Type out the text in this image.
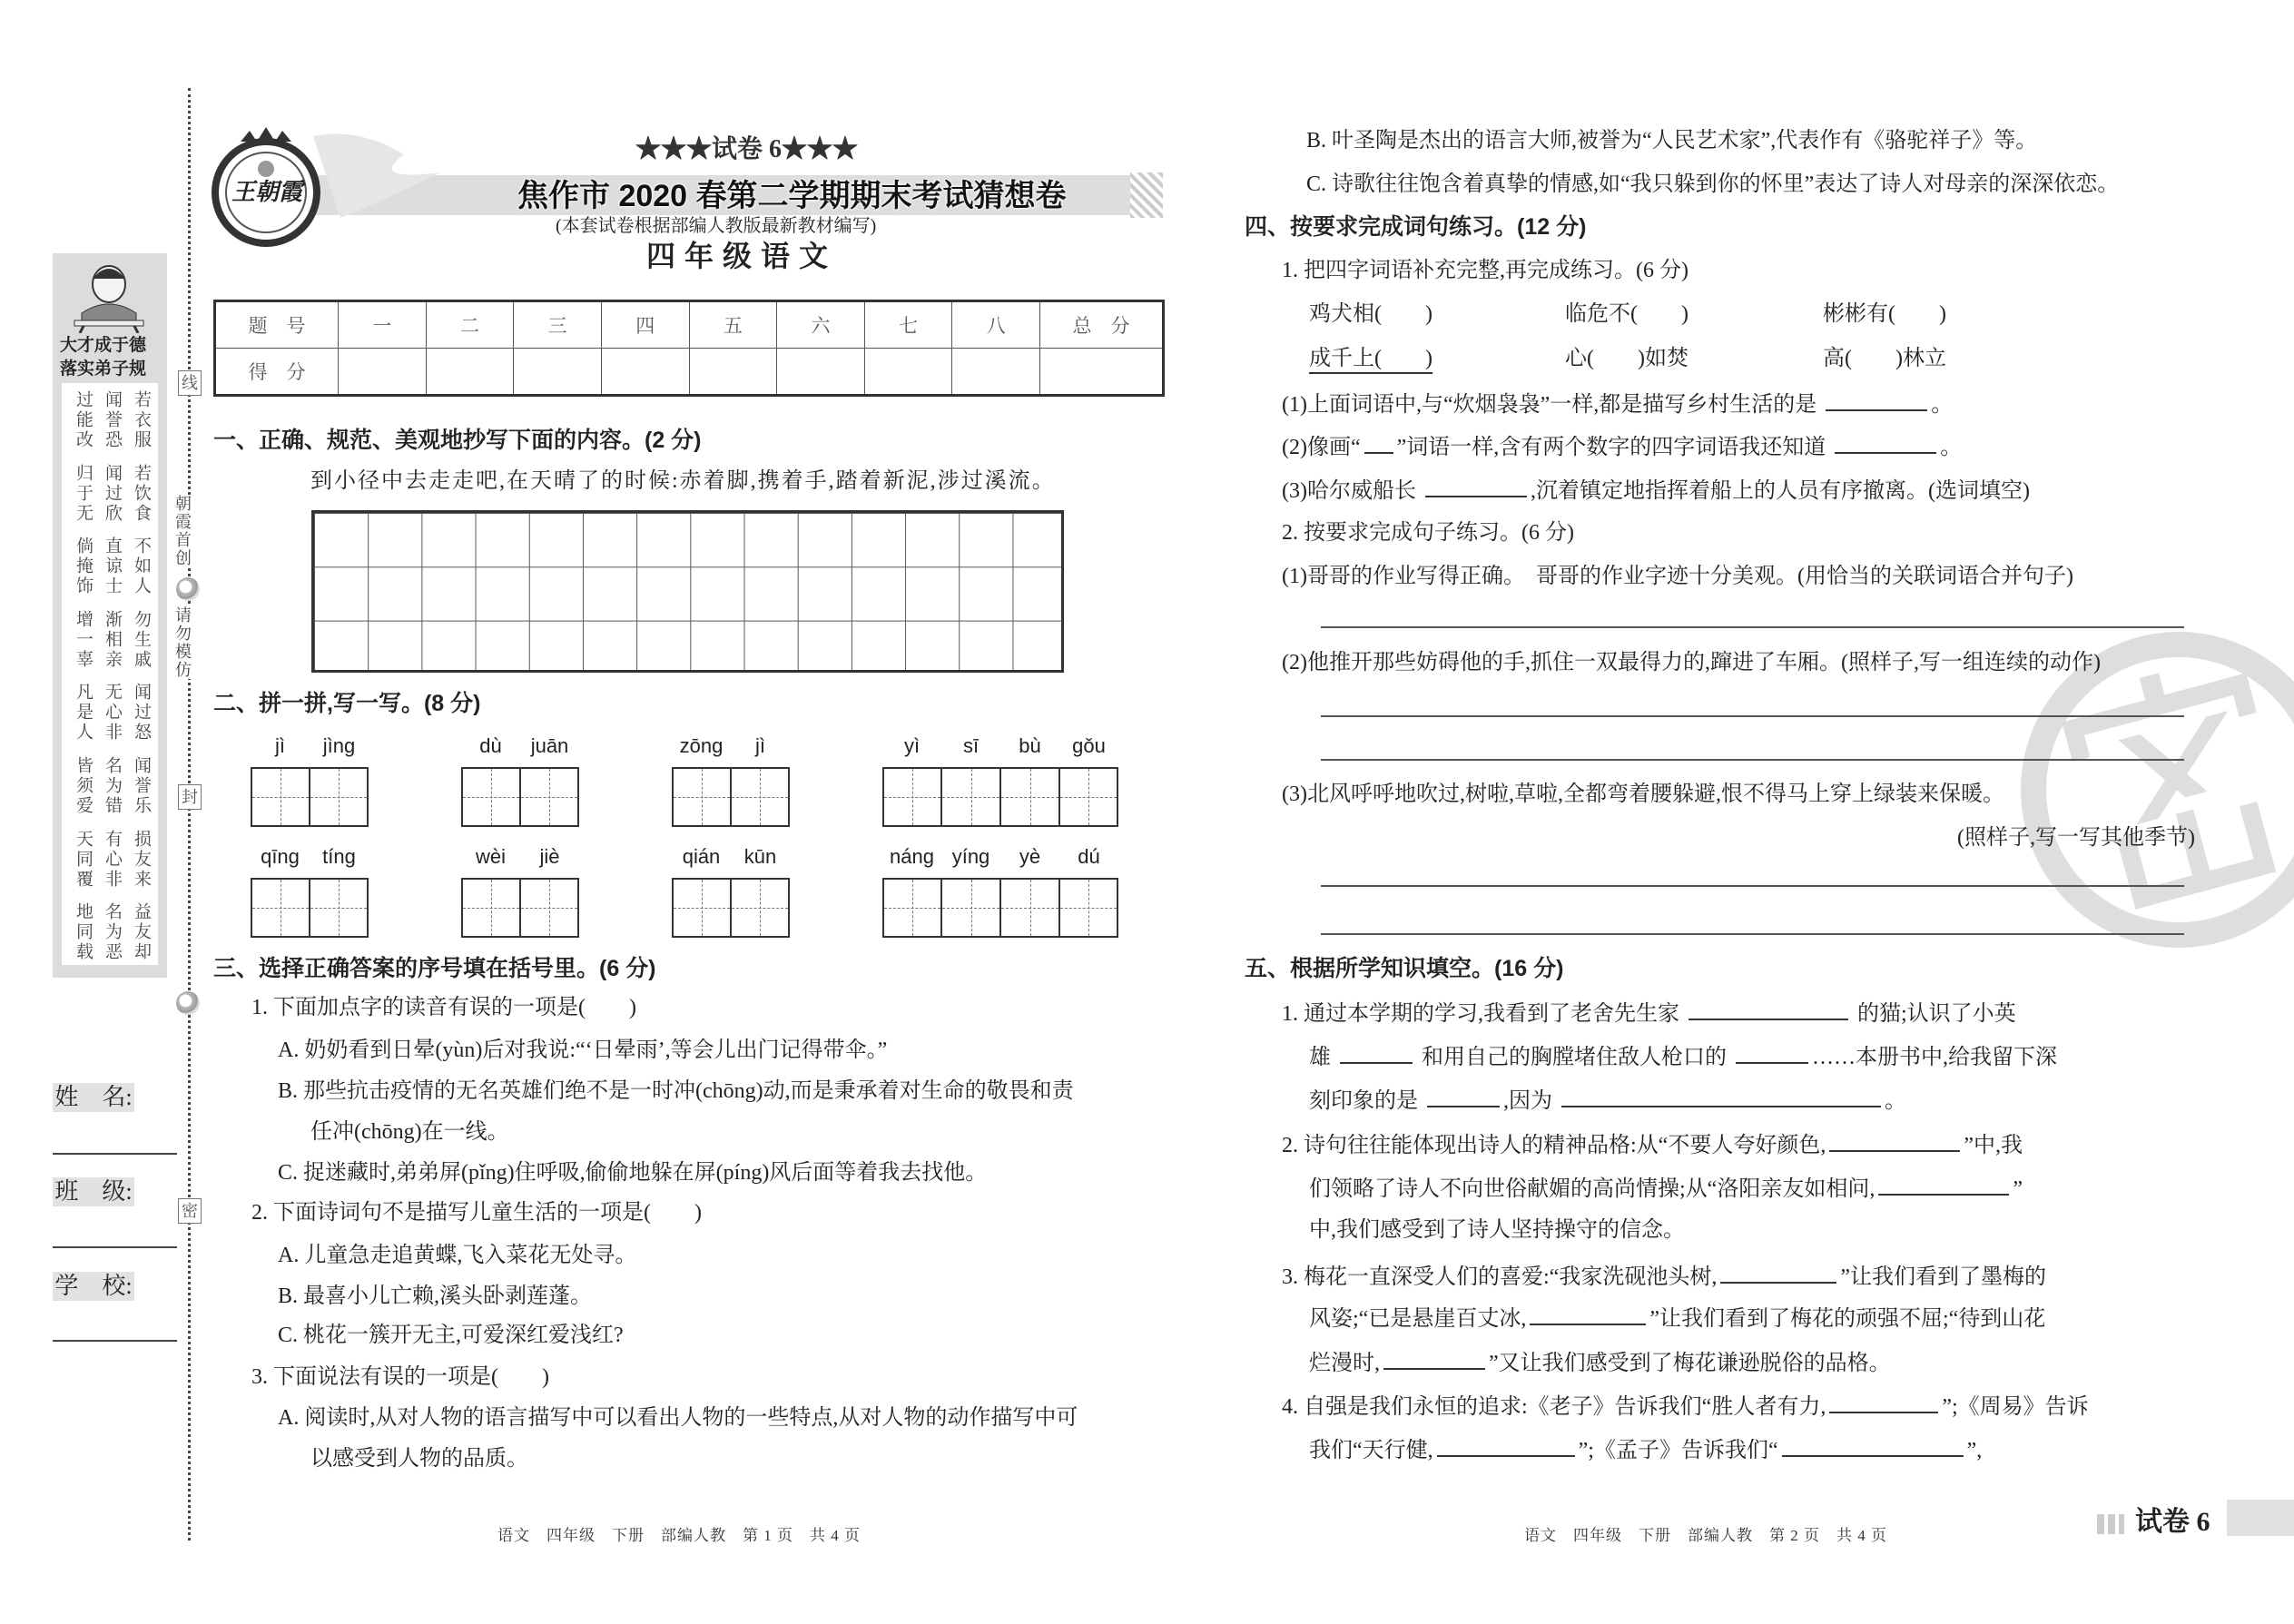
王朝霞
★★★试卷 6★★★
焦作市 2020 春第二学期期末考试猜想卷
(本套试卷根据部编人教版最新教材编写)
四年级语文
题　号	一	二	三	四	五	六	七	八	总　分
得　分									
线
朝霞首创
请勿模仿
封
密
大才成于德
落实弟子规
过能改 闻誉恐 若衣服
归于无 闻过欣 若饮食
倘掩饰 直谅士 不如人
增一辜 渐相亲 勿生戚
凡是人 无心非 闻过怒
皆须爱 名为错 闻誉乐
天同覆 有心非 损友来
地同载 名为恶 益友却
姓　名:
班　级:
学　校:
一、正确、规范、美观地抄写下面的内容。(2 分)
到小径中去走走吧,在天晴了的时候:赤着脚,携着手,踏着新泥,涉过溪流。
二、拼一拼,写一写。(8 分)
jì jìng	dù juān	zōng jì	yì sī bù gǒu
qīng tíng	wèi jiè	qián kūn	náng yíng yè dú
三、选择正确答案的序号填在括号里。(6 分)
1. 下面加点字的读音有误的一项是(　　)
A. 奶奶看到日晕(yùn)后对我说:“‘日晕雨’,等会儿出门记得带伞。”
B. 那些抗击疫情的无名英雄们绝不是一时冲(chōng)动,而是秉承着对生命的敬畏和责
任冲(chōng)在一线。
C. 捉迷藏时,弟弟屏(pǐng)住呼吸,偷偷地躲在屏(píng)风后面等着我去找他。
2. 下面诗词句不是描写儿童生活的一项是(　　)
A. 儿童急走追黄蝶,飞入菜花无处寻。
B. 最喜小儿亡赖,溪头卧剥莲蓬。
C. 桃花一簇开无主,可爱深红爱浅红?
3. 下面说法有误的一项是(　　)
A. 阅读时,从对人物的语言描写中可以看出人物的一些特点,从对人物的动作描写中可
以感受到人物的品质。
语文　四年级　下册　部编人教　第 1 页　共 4 页
B. 叶圣陶是杰出的语言大师,被誉为“人民艺术家”,代表作有《骆驼祥子》等。
C. 诗歌往往饱含着真挚的情感,如“我只躲到你的怀里”表达了诗人对母亲的深深依恋。
四、按要求完成词句练习。(12 分)
1. 把四字词语补充完整,再完成练习。(6 分)
鸡犬相(　　)	临危不(　　)	彬彬有(　　)
成千上(　　)	心(　　)如焚	高(　　)林立
(1)上面词语中,与“炊烟袅袅”一样,都是描写乡村生活的是	。
(2)像画“ ”词语一样,含有两个数字的四字词语我还知道	。
(3)哈尔威船长	,沉着镇定地指挥着船上的人员有序撤离。(选词填空)
2. 按要求完成句子练习。(6 分)
(1)哥哥的作业写得正确。　哥哥的作业字迹十分美观。(用恰当的关联词语合并句子)
(2)他推开那些妨碍他的手,抓住一双最得力的,蹿进了车厢。(照样子,写一组连续的动作)
(3)北风呼呼地吹过,树啦,草啦,全都弯着腰躲避,恨不得马上穿上绿装来保暖。
(照样子,写一写其他季节)
五、根据所学知识填空。(16 分)
1. 通过本学期的学习,我看到了老舍先生家	的猫;认识了小英
雄	和用自己的胸膛堵住敌人枪口的	……本册书中,给我留下深
刻印象的是	,因为	。
2. 诗句往往能体现出诗人的精神品格:从“不要人夸好颜色,	”中,我
们领略了诗人不向世俗献媚的高尚情操;从“洛阳亲友如相问,	”
中,我们感受到了诗人坚持操守的信念。
3. 梅花一直深受人们的喜爱:“我家洗砚池头树,	”让我们看到了墨梅的
风姿;“已是悬崖百丈冰,	”让我们看到了梅花的顽强不屈;“待到山花
烂漫时,	”又让我们感受到了梅花谦逊脱俗的品格。
4. 自强是我们永恒的追求:《老子》告诉我们“胜人者有力,	”;《周易》告诉
我们“天行健,	”;《孟子》告诉我们“	”,
语文　四年级　下册　部编人教　第 2 页　共 4 页	试卷 6
